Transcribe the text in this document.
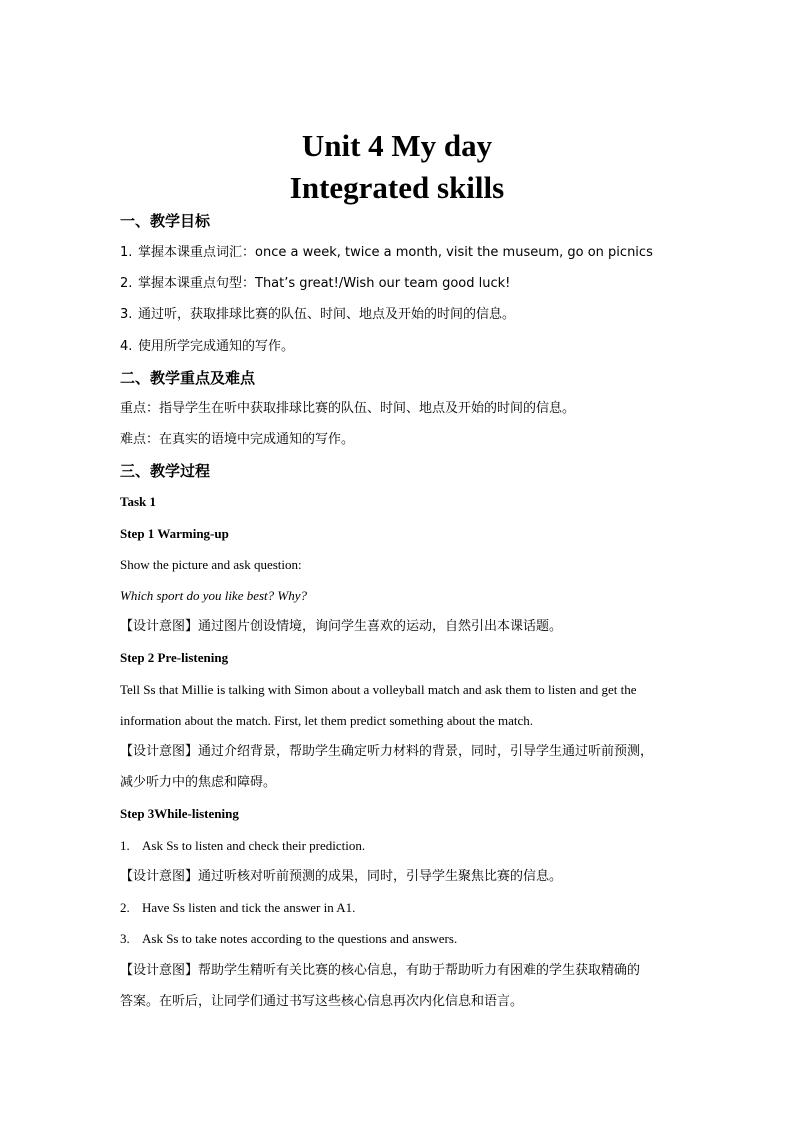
Unit 4 My day
Integrated skills

一、教学目标

1. 掌握本课重点词汇：once a week, twice a month, visit the museum, go on picnics

2. 掌握本课重点句型：That’s great!/Wish our team good luck!

3. 通过听，获取排球比赛的队伍、时间、地点及开始的时间的信息。

4. 使用所学完成通知的写作。

二、教学重点及难点

重点：指导学生在听中获取排球比赛的队伍、时间、地点及开始的时间的信息。

难点：在真实的语境中完成通知的写作。

三、教学过程

Task 1

Step 1 Warming-up

Show the picture and ask question:

Which sport do you like best? Why?

【设计意图】通过图片创设情境，询问学生喜欢的运动，自然引出本课话题。

Step 2 Pre-listening

Tell Ss that Millie is talking with Simon about a volleyball match and ask them to listen and get the

information about the match. First, let them predict something about the match.

【设计意图】通过介绍背景，帮助学生确定听力材料的背景，同时，引导学生通过听前预测，

减少听力中的焦虑和障碍。

Step 3While-listening

1. Ask Ss to listen and check their prediction.

【设计意图】通过听核对听前预测的成果，同时，引导学生聚焦比赛的信息。

2. Have Ss listen and tick the answer in A1.

3. Ask Ss to take notes according to the questions and answers.

【设计意图】帮助学生精听有关比赛的核心信息，有助于帮助听力有困难的学生获取精确的

答案。在听后，让同学们通过书写这些核心信息再次内化信息和语言。
